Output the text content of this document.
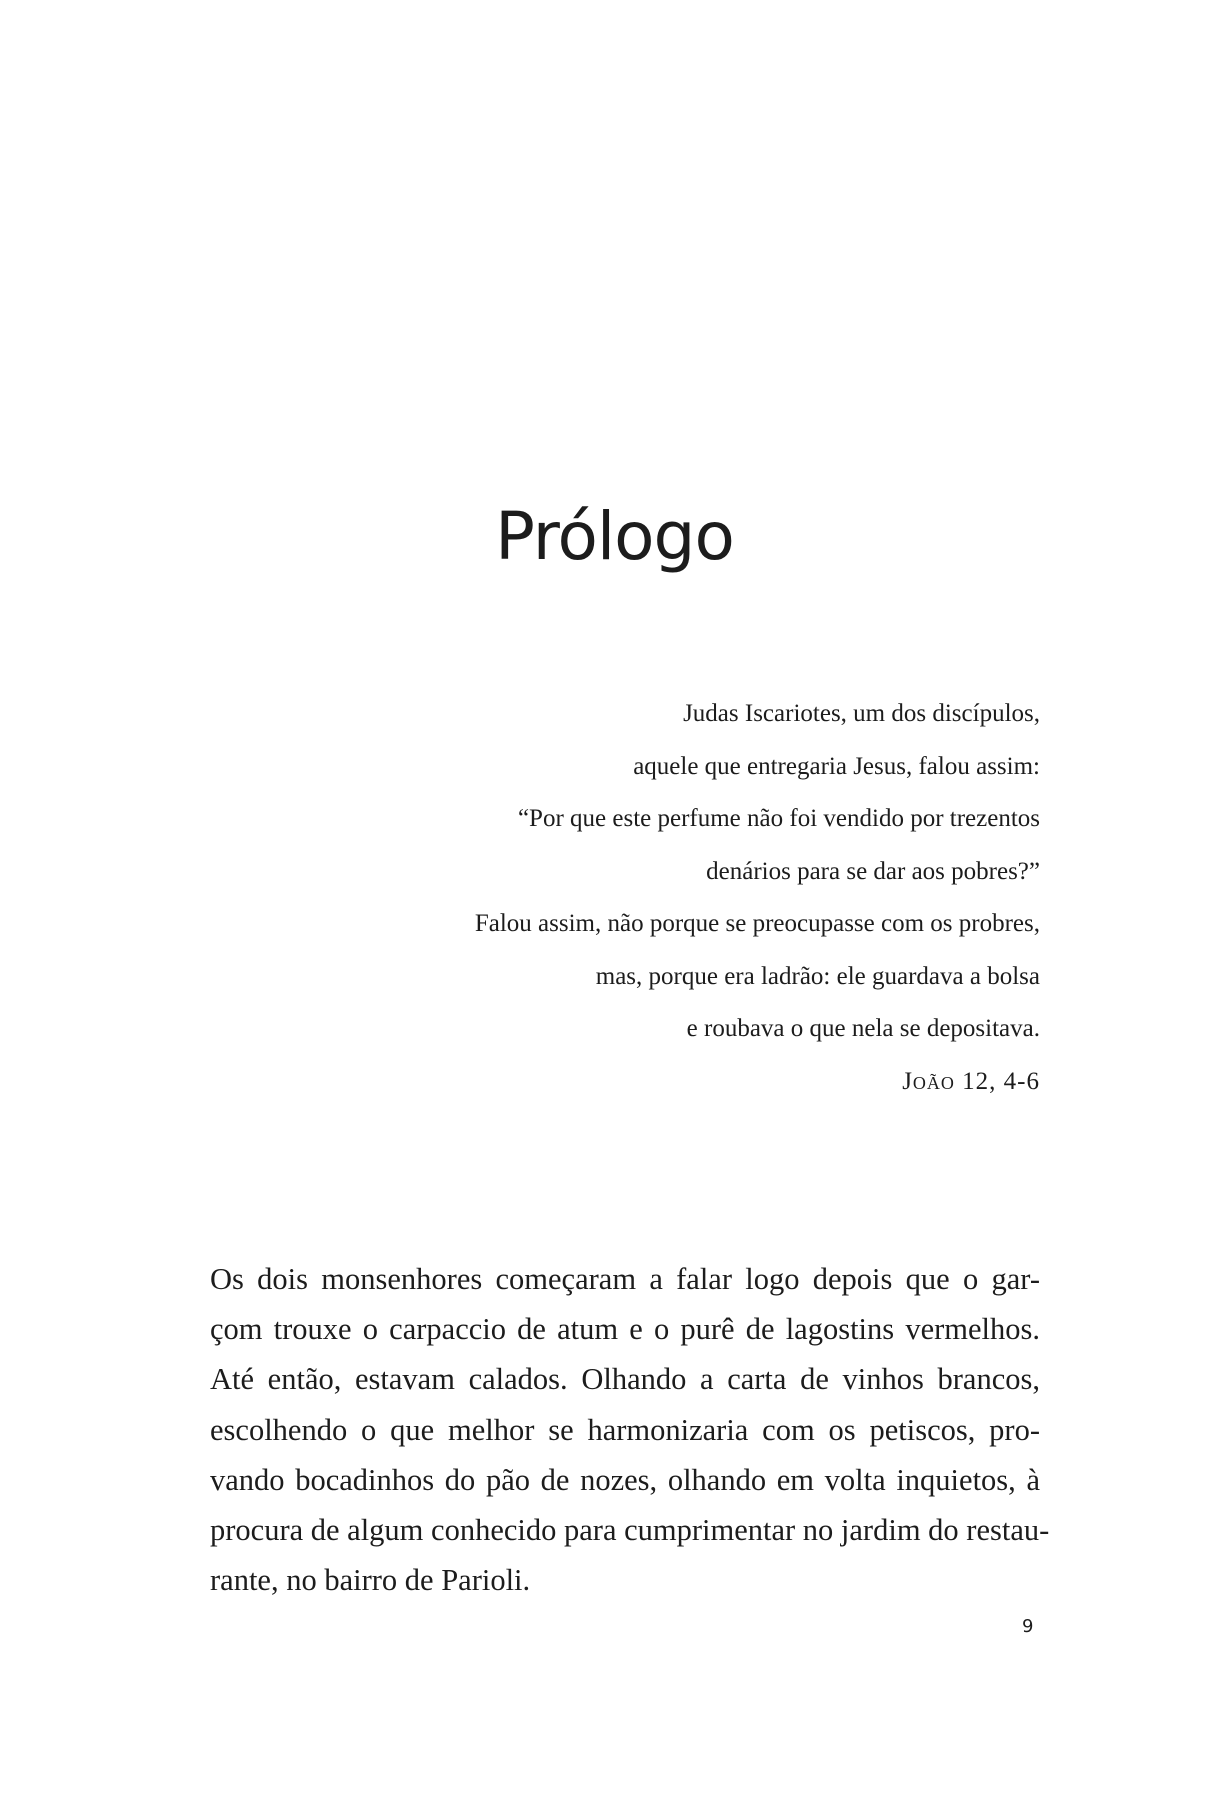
Prólogo
Judas Iscariotes, um dos discípulos,
aquele que entregaria Jesus, falou assim:
“Por que este perfume não foi vendido por trezentos
denários para se dar aos pobres?”
Falou assim, não porque se preocupasse com os probres,
mas, porque era ladrão: ele guardava a bolsa
e roubava o que nela se depositava.
João 12, 4-6

Os dois monsenhores começaram a falar logo depois que o gar-
çom trouxe o carpaccio de atum e o purê de lagostins vermelhos.
Até então, estavam calados. Olhando a carta de vinhos brancos,
escolhendo o que melhor se harmonizaria com os petiscos, pro-
vando bocadinhos do pão de nozes, olhando em volta inquietos, à
procura de algum conhecido para cumprimentar no jardim do restau-
rante, no bairro de Parioli.

9
